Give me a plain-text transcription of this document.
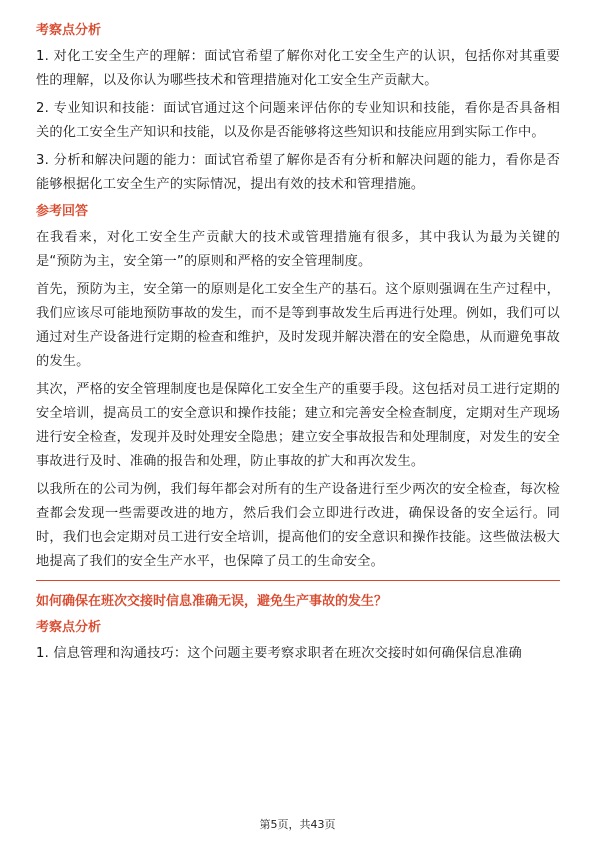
考察点分析
1. 对化工安全生产的理解：面试官希望了解你对化工安全生产的认识，包括你对其重要性的理解，以及你认为哪些技术和管理措施对化工安全生产贡献大。
2. 专业知识和技能：面试官通过这个问题来评估你的专业知识和技能，看你是否具备相关的化工安全生产知识和技能，以及你是否能够将这些知识和技能应用到实际工作中。
3. 分析和解决问题的能力：面试官希望了解你是否有分析和解决问题的能力，看你是否能够根据化工安全生产的实际情况，提出有效的技术和管理措施。
参考回答
在我看来，对化工安全生产贡献大的技术或管理措施有很多，其中我认为最为关键的是“预防为主，安全第一”的原则和严格的安全管理制度。
首先，预防为主，安全第一的原则是化工安全生产的基石。这个原则强调在生产过程中，我们应该尽可能地预防事故的发生，而不是等到事故发生后再进行处理。例如，我们可以通过对生产设备进行定期的检查和维护，及时发现并解决潜在的安全隐患，从而避免事故的发生。
其次，严格的安全管理制度也是保障化工安全生产的重要手段。这包括对员工进行定期的安全培训，提高员工的安全意识和操作技能；建立和完善安全检查制度，定期对生产现场进行安全检查，发现并及时处理安全隐患；建立安全事故报告和处理制度，对发生的安全事故进行及时、准确的报告和处理，防止事故的扩大和再次发生。
以我所在的公司为例，我们每年都会对所有的生产设备进行至少两次的安全检查，每次检查都会发现一些需要改进的地方，然后我们会立即进行改进，确保设备的安全运行。同时，我们也会定期对员工进行安全培训，提高他们的安全意识和操作技能。这些做法极大地提高了我们的安全生产水平，也保障了员工的生命安全。
如何确保在班次交接时信息准确无误，避免生产事故的发生？
考察点分析
1. 信息管理和沟通技巧：这个问题主要考察求职者在班次交接时如何确保信息准确
第5页，共43页
